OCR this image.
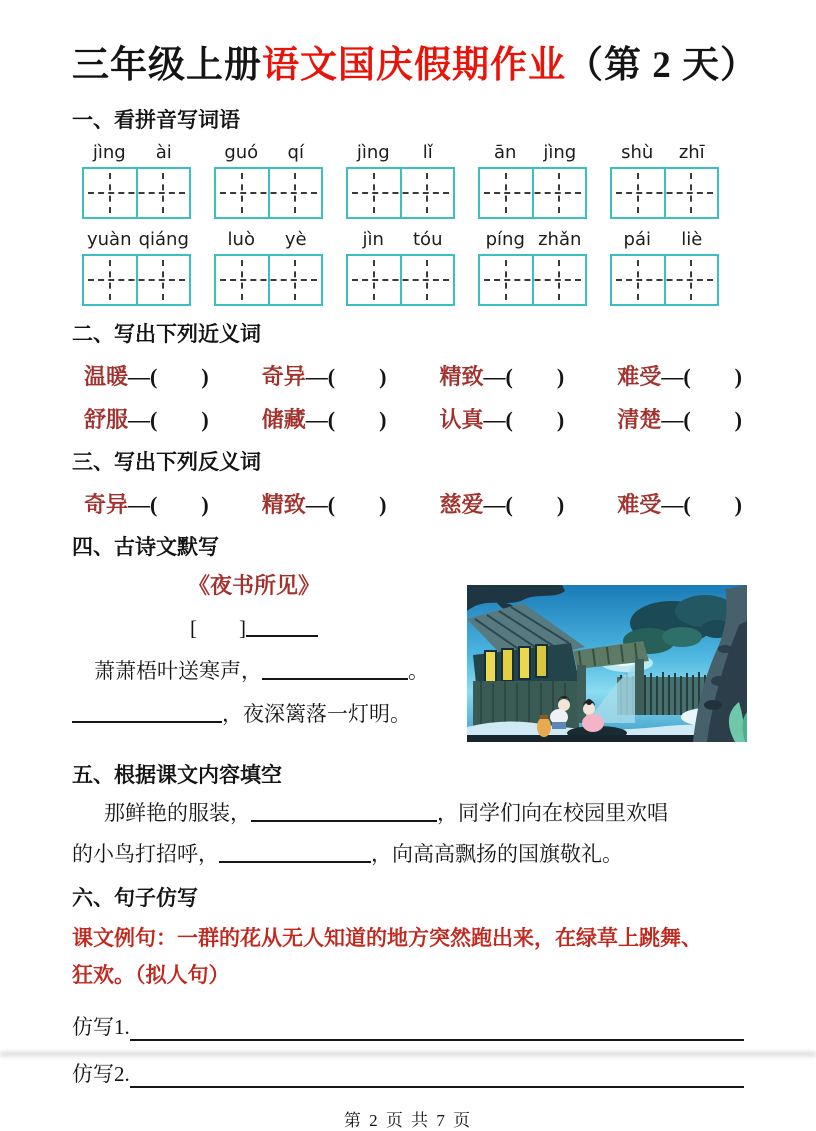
三年级上册语文国庆假期作业（第 2 天）
一、看拼音写词语
jìng	ài	guó	qí	jìng	lǐ	ān	jìng	shù	zhī
yuàn qiáng	luò	yè	jìn	tóu	píng zhǎn	pái	liè
二、写出下列近义词
温暖—(　　) 奇异—(　　) 精致—(　　) 难受—(　　)
舒服—(　　) 储藏—(　　) 认真—(　　) 清楚—(　　)
三、写出下列反义词
奇异—(　　) 精致—(　　) 慈爱—(　　) 难受—(　　)
四、古诗文默写
《夜书所见》
[　　]
萧萧梧叶送寒声，	。
，夜深篱落一灯明。
五、根据课文内容填空
那鲜艳的服装，	，同学们向在校园里欢唱
的小鸟打招呼，	，向高高飘扬的国旗敬礼。
六、句子仿写
课文例句：一群的花从无人知道的地方突然跑出来，在绿草上跳舞、
狂欢。（拟人句）
仿写1.
仿写2.
第 2 页 共 7 页
